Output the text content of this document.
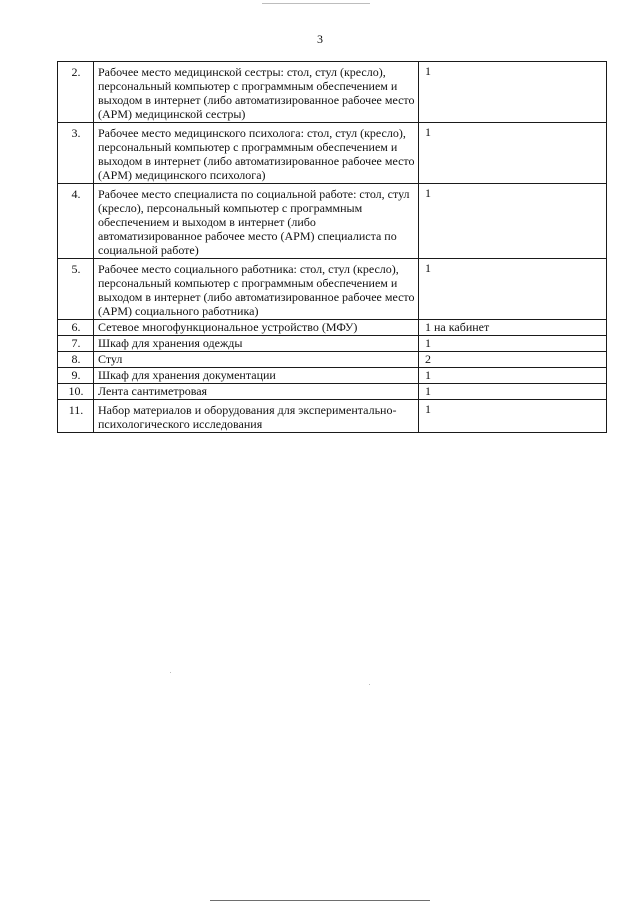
3
2.	Рабочее место медицинской сестры: стол, стул (кресло), персональный компьютер с программным обеспечением и выходом в интернет (либо автоматизированное рабочее место (АРМ) медицинской сестры)	1
3.	Рабочее место медицинского психолога: стол, стул (кресло), персональный компьютер с программным обеспечением и выходом в интернет (либо автоматизированное рабочее место (АРМ) медицинского психолога)	1
4.	Рабочее место специалиста по социальной работе: стол, стул (кресло), персональный компьютер с программным обеспечением и выходом в интернет (либо автоматизированное рабочее место (АРМ) специалиста по социальной работе)	1
5.	Рабочее место социального работника: стол, стул (кресло), персональный компьютер с программным обеспечением и выходом в интернет (либо автоматизированное рабочее место (АРМ) социального работника)	1
6.	Сетевое многофункциональное устройство (МФУ)	1 на кабинет
7.	Шкаф для хранения одежды	1
8.	Стул	2
9.	Шкаф для хранения документации	1
10.	Лента сантиметровая	1
11.	Набор материалов и оборудования для экспериментально-психологического исследования	1
